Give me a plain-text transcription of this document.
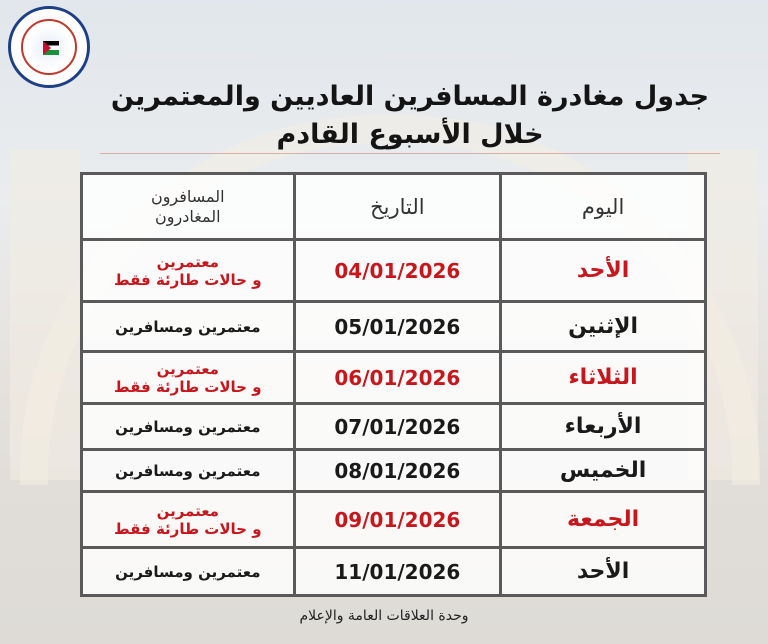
جدول مغادرة المسافرين العاديين والمعتمرين
خلال الأسبوع القادم
اليوم	التاريخ	المسافرون
المغادرون

الأحد	04/01/2026	معتمرين
و حالات طارئة فقط

الإثنين	05/01/2026	معتمرين ومسافرين

الثلاثاء	06/01/2026	معتمرين
و حالات طارئة فقط

الأربعاء	07/01/2026	معتمرين ومسافرين

الخميس	08/01/2026	معتمرين ومسافرين

الجمعة	09/01/2026	معتمرين
و حالات طارئة فقط

الأحد	11/01/2026	معتمرين ومسافرين
وحدة العلاقات العامة والإعلام
